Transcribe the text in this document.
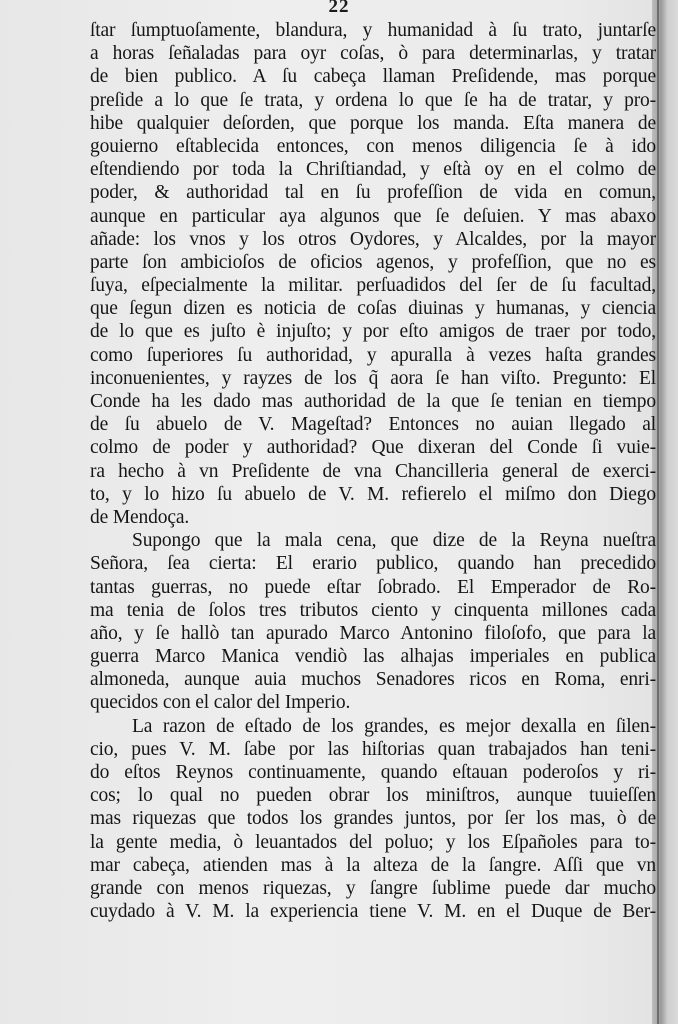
22
ſtar ſumptuoſamente, blandura, y humanidad à ſu trato, juntarſe
a horas ſeñaladas para oyr coſas, ò para determinarlas, y tratar
de bien publico. A ſu cabeça llaman Preſidende, mas porque
preſide a lo que ſe trata, y ordena lo que ſe ha de tratar, y pro-
hibe qualquier deſorden, que porque los manda. Eſta manera de
gouierno eſtablecida entonces, con menos diligencia ſe à ido
eſtendiendo por toda la Chriſtiandad, y eſtà oy en el colmo de
poder, & authoridad tal en ſu profeſſion de vida en comun,
aunque en particular aya algunos que ſe deſuien. Y mas abaxo
añade: los vnos y los otros Oydores, y Alcaldes, por la mayor
parte ſon ambicioſos de oficios agenos, y profeſſion, que no es
ſuya, eſpecialmente la militar. perſuadidos del ſer de ſu facultad,
que ſegun dizen es noticia de coſas diuinas y humanas, y ciencia
de lo que es juſto è injuſto; y por eſto amigos de traer por todo,
como ſuperiores ſu authoridad, y apuralla à vezes haſta grandes
inconuenientes, y rayzes de los q̃ aora ſe han viſto. Pregunto: El
Conde ha les dado mas authoridad de la que ſe tenian en tiempo
de ſu abuelo de V. Mageſtad? Entonces no auian llegado al
colmo de poder y authoridad? Que dixeran del Conde ſi vuie-
ra hecho à vn Preſidente de vna Chancilleria general de exerci-
to, y lo hizo ſu abuelo de V. M. refierelo el miſmo don Diego
de Mendoça.
Supongo que la mala cena, que dize de la Reyna nueſtra
Señora, ſea cierta: El erario publico, quando han precedido
tantas guerras, no puede eſtar ſobrado. El Emperador de Ro-
ma tenia de ſolos tres tributos ciento y cinquenta millones cada
año, y ſe hallò tan apurado Marco Antonino filoſofo, que para la
guerra Marco Manica vendiò las alhajas imperiales en publica
almoneda, aunque auia muchos Senadores ricos en Roma, enri-
quecidos con el calor del Imperio.
La razon de eſtado de los grandes, es mejor dexalla en ſilen-
cio, pues V. M. ſabe por las hiſtorias quan trabajados han teni-
do eſtos Reynos continuamente, quando eſtauan poderoſos y ri-
cos; lo qual no pueden obrar los miniſtros, aunque tuuieſſen
mas riquezas que todos los grandes juntos, por ſer los mas, ò de
la gente media, ò leuantados del poluo; y los Eſpañoles para to-
mar cabeça, atienden mas à la alteza de la ſangre. Aſſi que vn
grande con menos riquezas, y ſangre ſublime puede dar mucho
cuydado à V. M. la experiencia tiene V. M. en el Duque de Ber-
